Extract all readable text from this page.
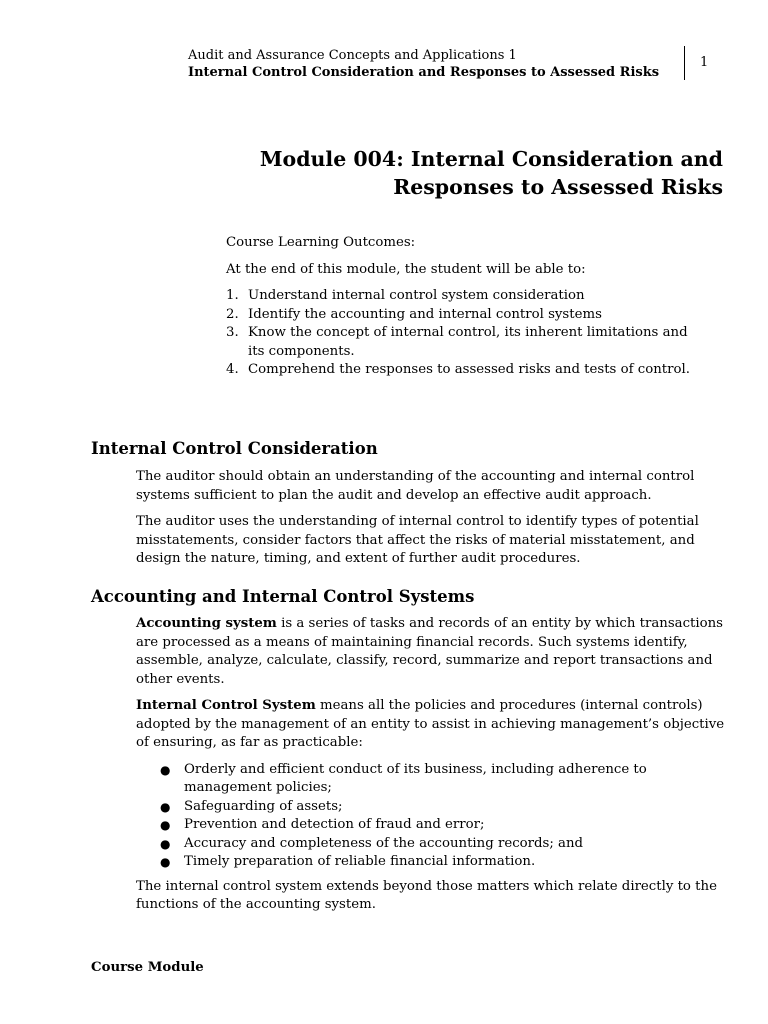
Audit and Assurance Concepts and Applications 1
Internal Control Consideration and Responses to Assessed Risks
1
Module 004: Internal Consideration and
Responses to Assessed Risks

Course Learning Outcomes:

At the end of this module, the student will be able to:

1. Understand internal control system consideration
2. Identify the accounting and internal control systems
3. Know the concept of internal control, its inherent limitations and its components.
4. Comprehend the responses to assessed risks and tests of control.
Internal Control Consideration

The auditor should obtain an understanding of the accounting and internal control systems sufficient to plan the audit and develop an effective audit approach.

The auditor uses the understanding of internal control to identify types of potential misstatements, consider factors that affect the risks of material misstatement, and design the nature, timing, and extent of further audit procedures.

Accounting and Internal Control Systems

Accounting system is a series of tasks and records of an entity by which transactions are processed as a means of maintaining financial records. Such systems identify, assemble, analyze, calculate, classify, record, summarize and report transactions and other events.

Internal Control System means all the policies and procedures (internal controls) adopted by the management of an entity to assist in achieving management’s objective of ensuring, as far as practicable:

● Orderly and efficient conduct of its business, including adherence to management policies;
● Safeguarding of assets;
● Prevention and detection of fraud and error;
● Accuracy and completeness of the accounting records; and
● Timely preparation of reliable financial information.

The internal control system extends beyond those matters which relate directly to the functions of the accounting system.

Course Module
